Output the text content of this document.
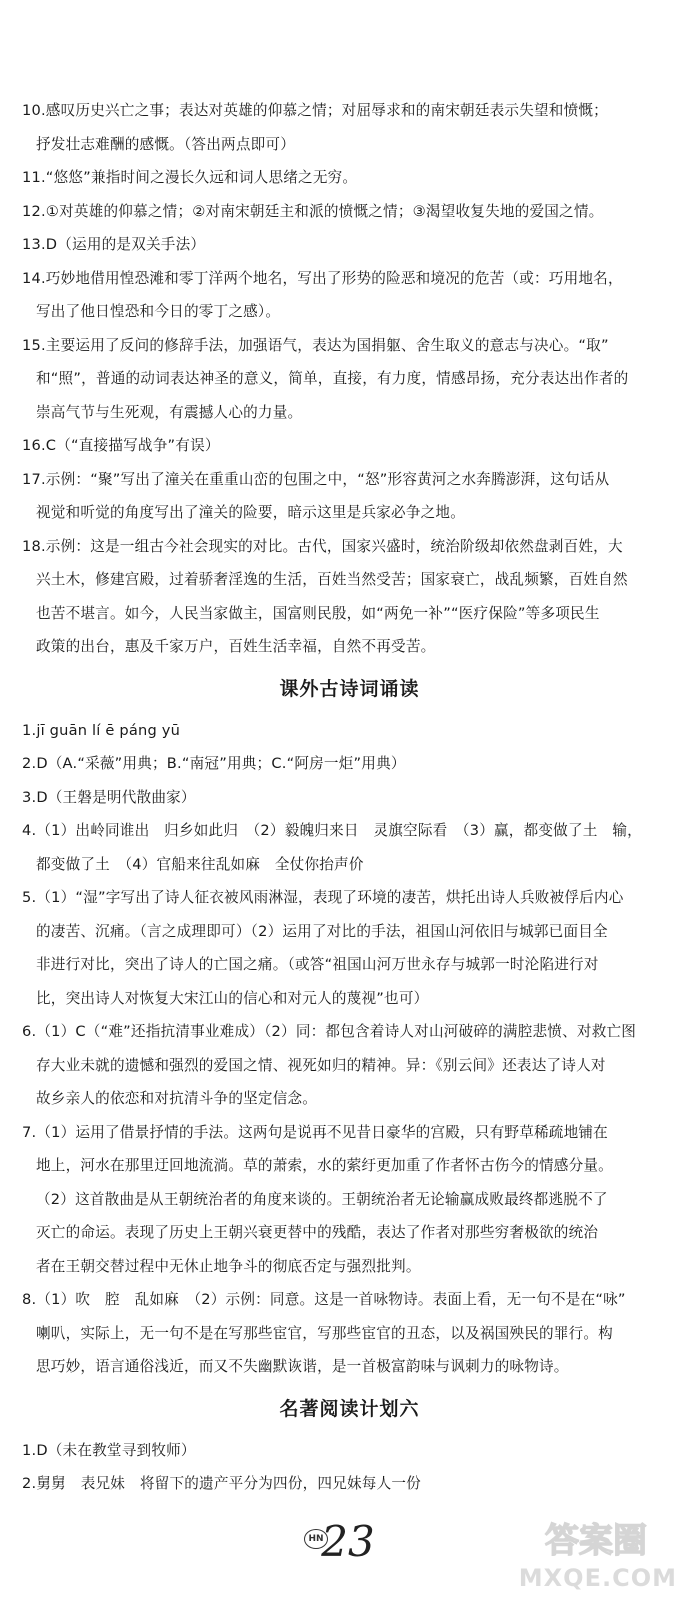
10.感叹历史兴亡之事；表达对英雄的仰慕之情；对屈辱求和的南宋朝廷表示失望和愤慨；
抒发壮志难酬的感慨。（答出两点即可）

11.“悠悠”兼指时间之漫长久远和词人思绪之无穷。

12.①对英雄的仰慕之情；②对南宋朝廷主和派的愤慨之情；③渴望收复失地的爱国之情。

13.D（运用的是双关手法）

14.巧妙地借用惶恐滩和零丁洋两个地名，写出了形势的险恶和境况的危苦（或：巧用地名，
写出了他日惶恐和今日的零丁之感）。

15.主要运用了反问的修辞手法，加强语气，表达为国捐躯、舍生取义的意志与决心。“取”
和“照”，普通的动词表达神圣的意义，简单，直接，有力度，情感昂扬，充分表达出作者的
崇高气节与生死观，有震撼人心的力量。

16.C（“直接描写战争”有误）

17.示例：“聚”写出了潼关在重重山峦的包围之中，“怒”形容黄河之水奔腾澎湃，这句话从
视觉和听觉的角度写出了潼关的险要，暗示这里是兵家必争之地。

18.示例：这是一组古今社会现实的对比。古代，国家兴盛时，统治阶级却依然盘剥百姓，大
兴土木，修建宫殿，过着骄奢淫逸的生活，百姓当然受苦；国家衰亡，战乱频繁，百姓自然
也苦不堪言。如今，人民当家做主，国富则民殷，如“两免一补”“医疗保险”等多项民生
政策的出台，惠及千家万户，百姓生活幸福，自然不再受苦。

课外古诗词诵读

1.jī guān lí ē páng yū

2.D（A.“采薇”用典；B.“南冠”用典；C.“阿房一炬”用典）

3.D（王磐是明代散曲家）

4.（1）出岭同谁出　归乡如此归　（2）毅魄归来日　灵旗空际看　（3）赢，都变做了土　输，
都变做了土　（4）官船来往乱如麻　全仗你抬声价

5.（1）“湿”字写出了诗人征衣被风雨淋湿，表现了环境的凄苦，烘托出诗人兵败被俘后内心
的凄苦、沉痛。（言之成理即可）（2）运用了对比的手法，祖国山河依旧与城郭已面目全
非进行对比，突出了诗人的亡国之痛。（或答“祖国山河万世永存与城郭一时沦陷进行对
比，突出诗人对恢复大宋江山的信心和对元人的蔑视”也可）

6.（1）C（“难”还指抗清事业难成）（2）同：都包含着诗人对山河破碎的满腔悲愤、对救亡图
存大业未就的遗憾和强烈的爱国之情、视死如归的精神。异：《别云间》还表达了诗人对
故乡亲人的依恋和对抗清斗争的坚定信念。

7.（1）运用了借景抒情的手法。这两句是说再不见昔日豪华的宫殿，只有野草稀疏地铺在
地上，河水在那里迂回地流淌。草的萧索，水的萦纡更加重了作者怀古伤今的情感分量。
（2）这首散曲是从王朝统治者的角度来谈的。王朝统治者无论输赢成败最终都逃脱不了
灭亡的命运。表现了历史上王朝兴衰更替中的残酷，表达了作者对那些穷奢极欲的统治
者在王朝交替过程中无休止地争斗的彻底否定与强烈批判。

8.（1）吹　腔　乱如麻　（2）示例：同意。这是一首咏物诗。表面上看，无一句不是在“咏”
喇叭，实际上，无一句不是在写那些宦官，写那些宦官的丑态，以及祸国殃民的罪行。构
思巧妙，语言通俗浅近，而又不失幽默诙谐，是一首极富韵味与讽刺力的咏物诗。

名著阅读计划六

1.D（未在教堂寻到牧师）

2.舅舅　表兄妹　将留下的遗产平分为四份，四兄妹每人一份

HN
23	答案圈
MXQE.COM
